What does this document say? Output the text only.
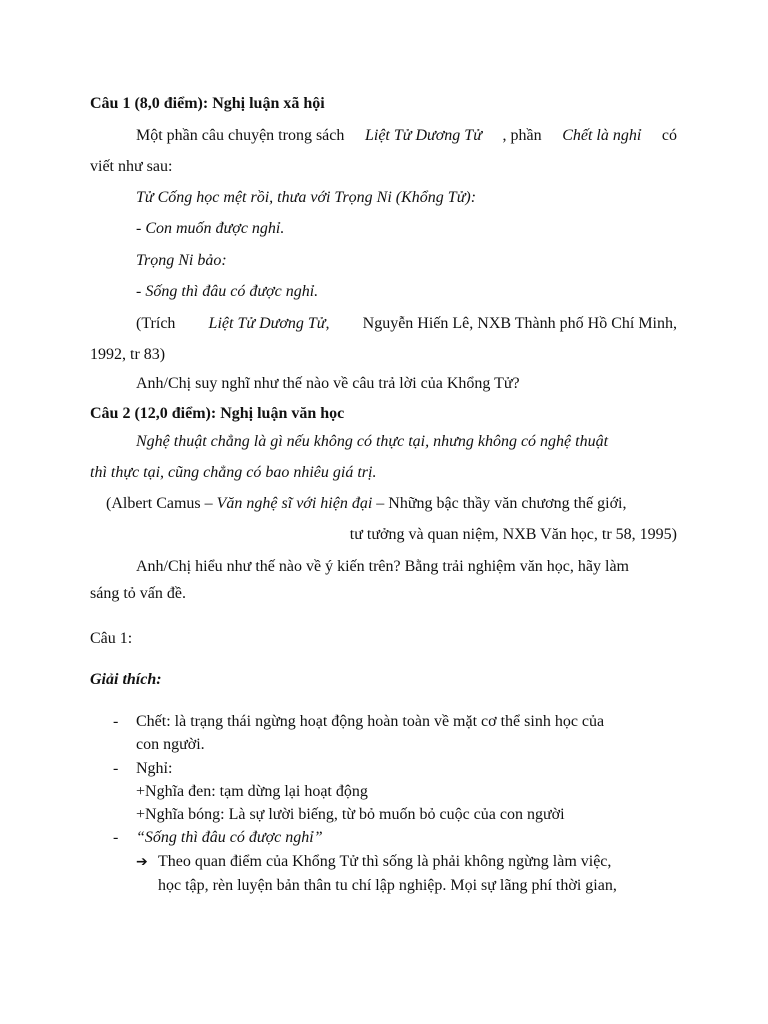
Câu 1 (8,0 điểm): Nghị luận xã hội
Một phần câu chuyện trong sách Liệt Tử Dương Tử , phần Chết là nghỉ có
viết như sau:
Tử Cống học mệt rồi, thưa với Trọng Ni (Khổng Tử):
- Con muốn được nghỉ.
Trọng Ni bảo:
- Sống thì đâu có được nghỉ.
(Trích Liệt Tử Dương Tử, Nguyễn Hiến Lê, NXB Thành phố Hồ Chí Minh,
1992, tr 83)
Anh/Chị suy nghĩ như thế nào về câu trả lời của Khổng Tử?
Câu 2 (12,0 điểm): Nghị luận văn học
Nghệ thuật chẳng là gì nếu không có thực tại, nhưng không có nghệ thuật
thì thực tại, cũng chẳng có bao nhiêu giá trị.
(Albert Camus – Văn nghệ sĩ với hiện đại – Những bậc thầy văn chương thế giới,
tư tưởng và quan niệm, NXB Văn học, tr 58, 1995)
Anh/Chị hiểu như thế nào về ý kiến trên? Bằng trải nghiệm văn học, hãy làm
sáng tỏ vấn đề.
Câu 1:
Giải thích:
- Chết: là trạng thái ngừng hoạt động hoàn toàn về mặt cơ thể sinh học của
con người.
- Nghỉ:
+Nghĩa đen: tạm dừng lại hoạt động
+Nghĩa bóng: Là sự lười biếng, từ bỏ muốn bỏ cuộc của con người
- “Sống thì đâu có được nghỉ”
➔ Theo quan điểm của Khổng Tử thì sống là phải không ngừng làm việc,
học tập, rèn luyện bản thân tu chí lập nghiệp. Mọi sự lãng phí thời gian,
